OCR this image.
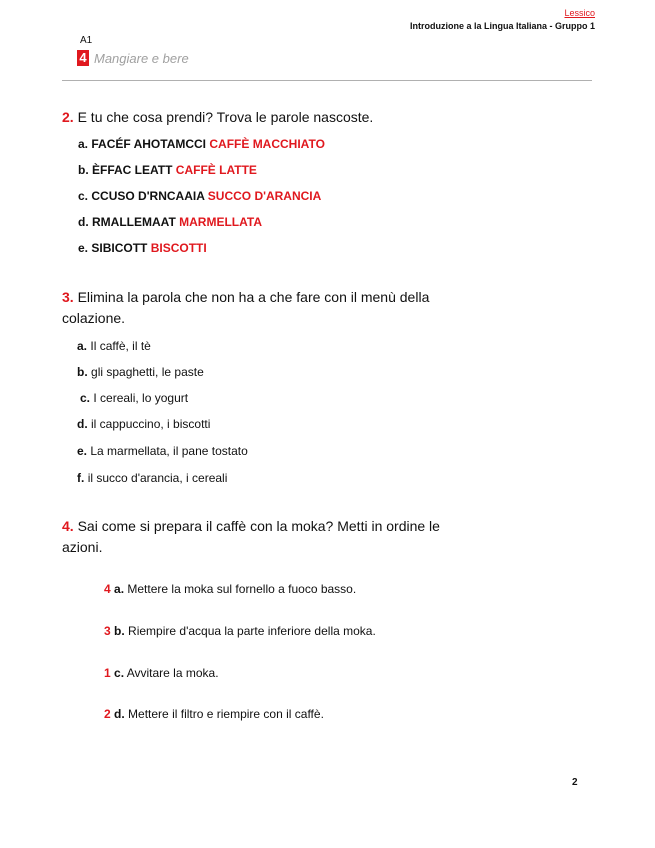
Lessico
Introduzione a la Lingua Italiana - Gruppo 1
A1
4 Mangiare e bere
2. E tu che cosa prendi? Trova le parole nascoste.
a. FACÉF AHOTAMCCI CAFFÈ MACCHIATO
b. ÈFFAC LEATT CAFFÈ LATTE
c. CCUSO D'RNCAAIA SUCCO D'ARANCIA
d. RMALLEMAAT MARMELLATA
e. SIBICOTT BISCOTTI
3. Elimina la parola che non ha a che fare con il menù della
colazione.
a. Il caffè, il tè
b. gli spaghetti, le paste
c. I cereali, lo yogurt
d. il cappuccino, i biscotti
e. La marmellata, il pane tostato
f. il succo d'arancia, i cereali
4. Sai come si prepara il caffè con la moka? Metti in ordine le
azioni.
4 a. Mettere la moka sul fornello a fuoco basso.
3 b. Riempire d'acqua la parte inferiore della moka.
1 c. Avvitare la moka.
2 d. Mettere il filtro e riempire con il caffè.
2
